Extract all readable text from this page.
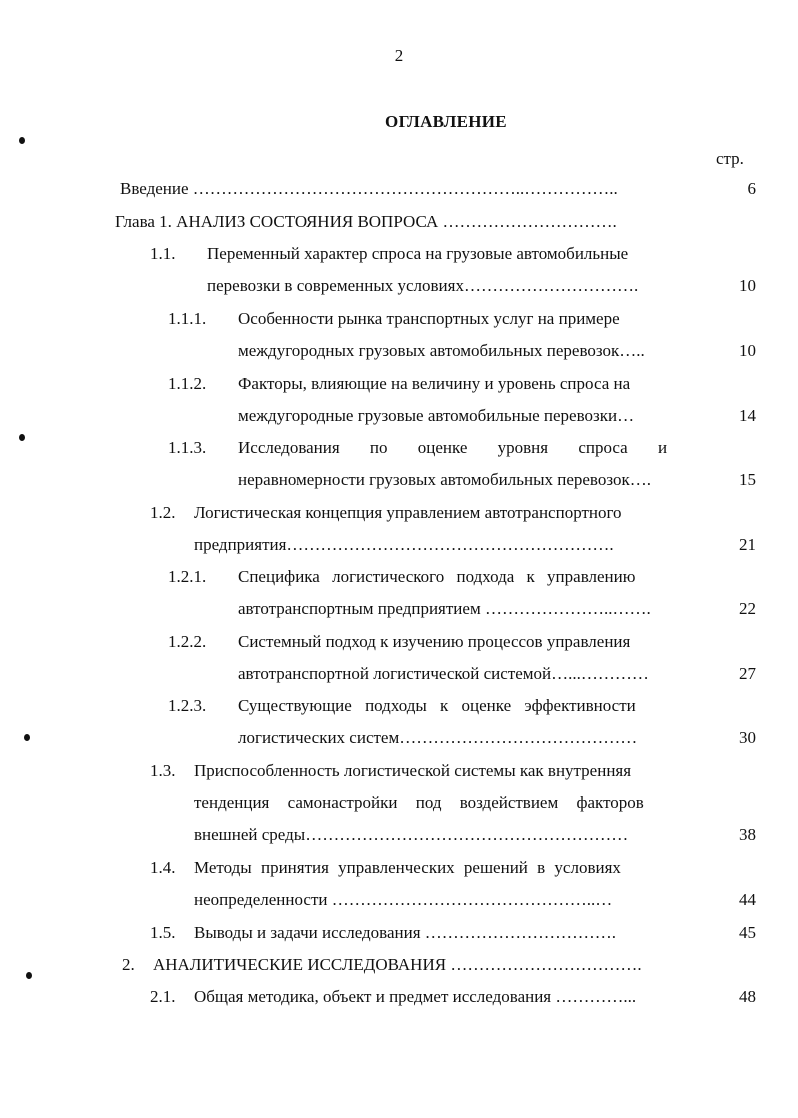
2
ОГЛАВЛЕНИЕ
стр.
Введение …………………………………………………..……………..	6
Глава 1. АНАЛИЗ СОСТОЯНИЯ ВОПРОСА ………………………….
1.1. Переменный характер спроса на грузовые автомобильные
перевозки в современных условиях………………………….	10
1.1.1. Особенности рынка транспортных услуг на примере
междугородных грузовых автомобильных перевозок…..	10
1.1.2. Факторы, влияющие на величину и уровень спроса на
междугородные грузовые автомобильные перевозки…	14
1.1.3. Исследования по оценке уровня спроса и
неравномерности грузовых автомобильных перевозок….	15
1.2. Логистическая концепция управлением автотранспортного
предприятия………………………………………………….	21
1.2.1. Специфика логистического подхода к управлению
автотранспортным предприятием …………………..…….	22
1.2.2. Системный подход к изучению процессов управления
автотранспортной логистической системой…...…………	27
1.2.3. Существующие подходы к оценке эффективности
логистических систем……………………………………	30
1.3. Приспособленность логистической системы как внутренняя
тенденция самонастройки под воздействием факторов
внешней среды…………………………………………………	38
1.4. Методы принятия управленческих решений в условиях
неопределенности ………………………………………..…	44
1.5. Выводы и задачи исследования …………………………….	45
2. АНАЛИТИЧЕСКИЕ ИССЛЕДОВАНИЯ …………………………….
2.1. Общая методика, объект и предмет исследования …………...	48
